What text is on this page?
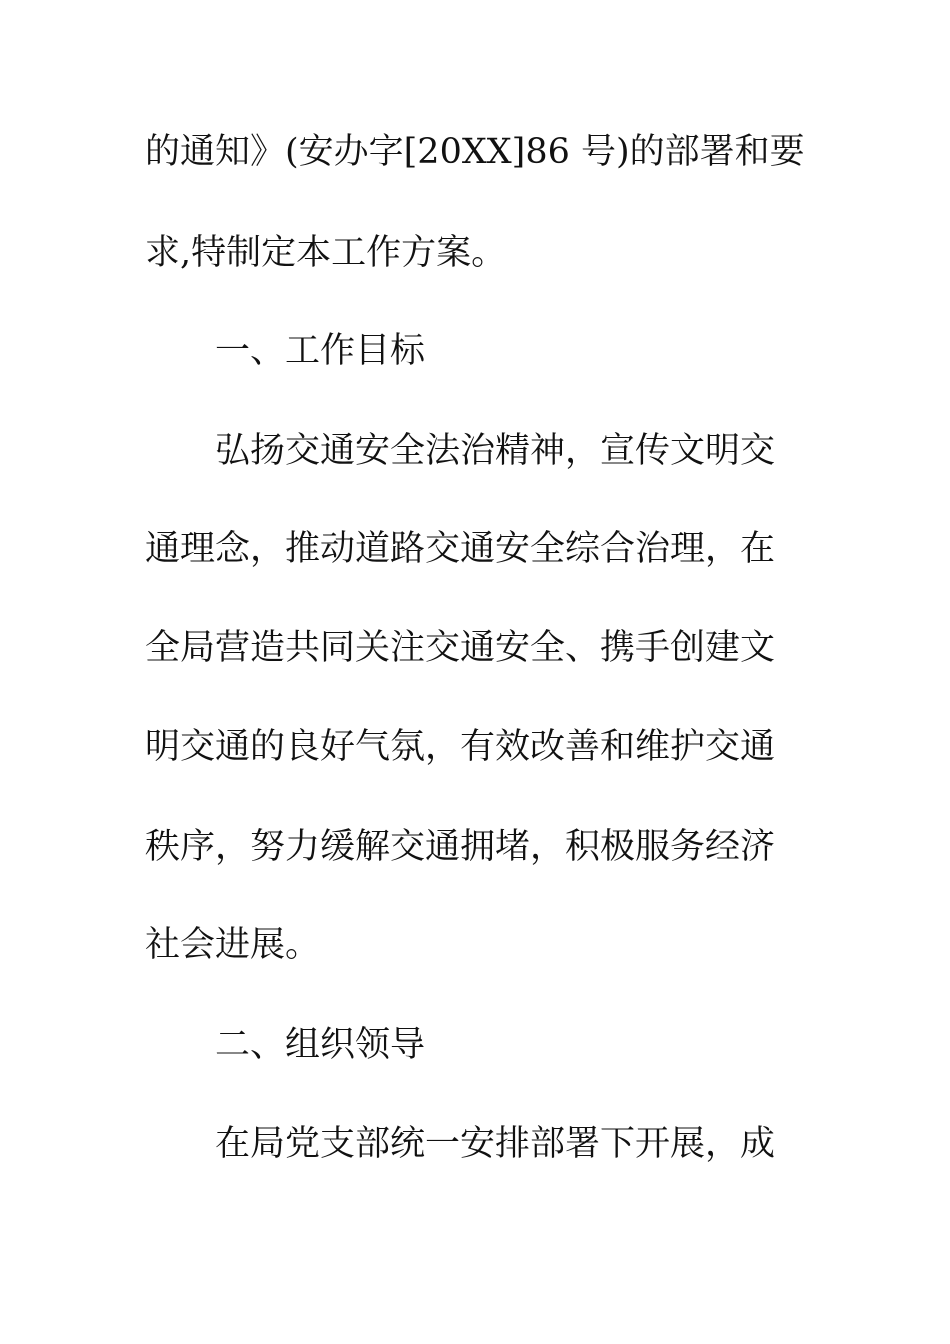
的通知》(安办字[20XX]86 号)的部署和要
求,特制定本工作方案。
一、工作目标
弘扬交通安全法治精神，宣传文明交
通理念，推动道路交通安全综合治理，在
全局营造共同关注交通安全、携手创建文
明交通的良好气氛，有效改善和维护交通
秩序，努力缓解交通拥堵，积极服务经济
社会进展。
二、组织领导
在局党支部统一安排部署下开展，成
